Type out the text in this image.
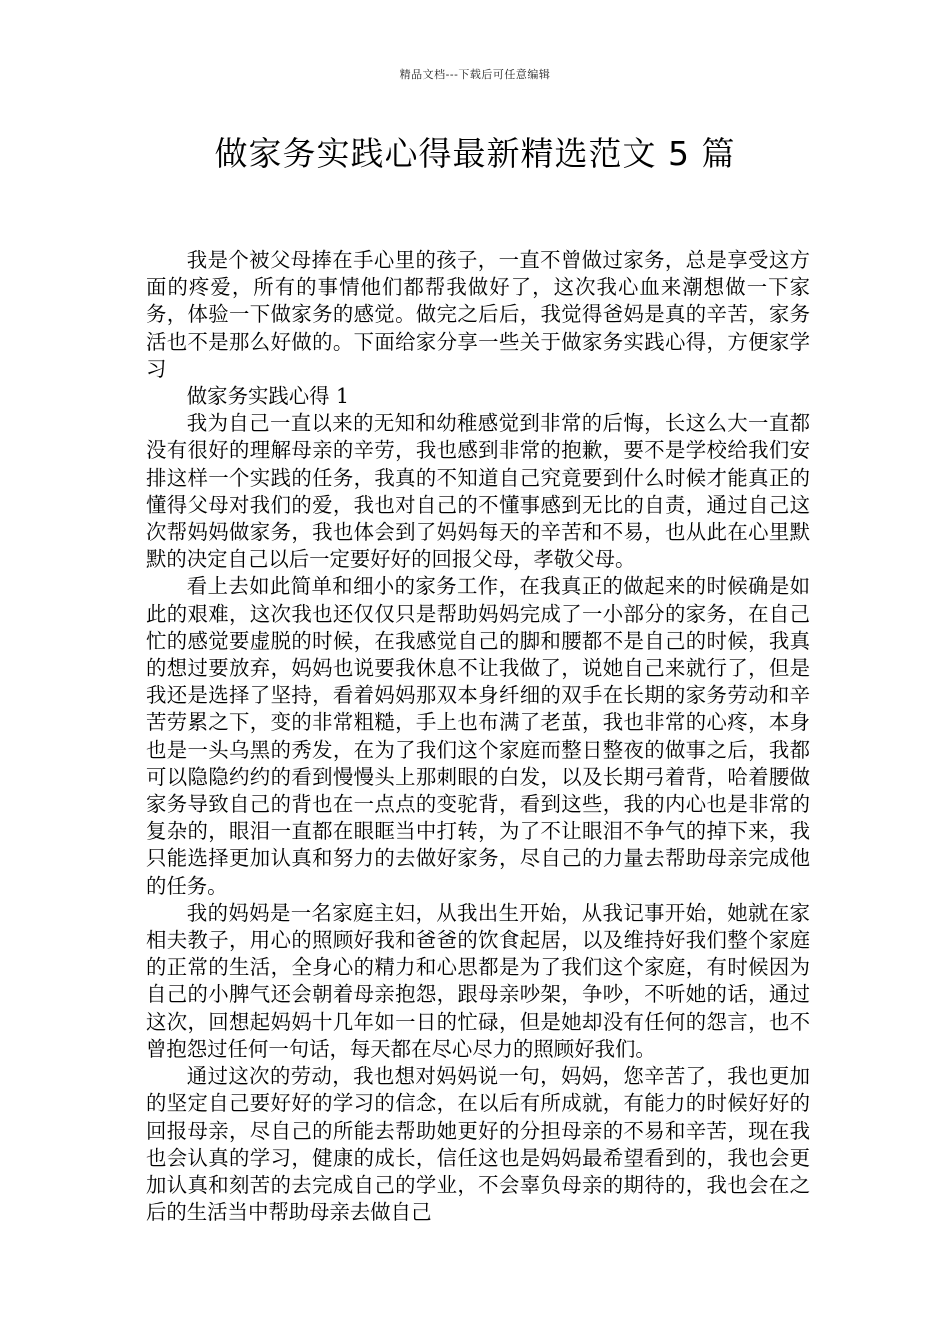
精品文档---下载后可任意编辑
做家务实践心得最新精选范文 5 篇

我是个被父母捧在手心里的孩子，一直不曾做过家务，总是享受这方面的疼爱，所有的事情他们都帮我做好了，这次我心血来潮想做一下家务，体验一下做家务的感觉。做完之后后，我觉得爸妈是真的辛苦，家务活也不是那么好做的。下面给家分享一些关于做家务实践心得，方便家学习

做家务实践心得 1

我为自己一直以来的无知和幼稚感觉到非常的后悔，长这么大一直都没有很好的理解母亲的辛劳，我也感到非常的抱歉，要不是学校给我们安排这样一个实践的任务，我真的不知道自己究竟要到什么时候才能真正的懂得父母对我们的爱，我也对自己的不懂事感到无比的自责，通过自己这次帮妈妈做家务，我也体会到了妈妈每天的辛苦和不易，也从此在心里默默的决定自己以后一定要好好的回报父母，孝敬父母。

看上去如此简单和细小的家务工作，在我真正的做起来的时候确是如此的艰难，这次我也还仅仅只是帮助妈妈完成了一小部分的家务，在自己忙的感觉要虚脱的时候，在我感觉自己的脚和腰都不是自己的时候，我真的想过要放弃，妈妈也说要我休息不让我做了，说她自己来就行了，但是我还是选择了坚持，看着妈妈那双本身纤细的双手在长期的家务劳动和辛苦劳累之下，变的非常粗糙，手上也布满了老茧，我也非常的心疼，本身也是一头乌黑的秀发，在为了我们这个家庭而整日整夜的做事之后，我都可以隐隐约约的看到慢慢头上那刺眼的白发，以及长期弓着背，哈着腰做家务导致自己的背也在一点点的变驼背，看到这些，我的内心也是非常的复杂的，眼泪一直都在眼眶当中打转，为了不让眼泪不争气的掉下来，我只能选择更加认真和努力的去做好家务，尽自己的力量去帮助母亲完成他的任务。

我的妈妈是一名家庭主妇，从我出生开始，从我记事开始，她就在家相夫教子，用心的照顾好我和爸爸的饮食起居，以及维持好我们整个家庭的正常的生活，全身心的精力和心思都是为了我们这个家庭，有时候因为自己的小脾气还会朝着母亲抱怨，跟母亲吵架，争吵，不听她的话，通过这次，回想起妈妈十几年如一日的忙碌，但是她却没有任何的怨言，也不曾抱怨过任何一句话，每天都在尽心尽力的照顾好我们。

通过这次的劳动，我也想对妈妈说一句，妈妈，您辛苦了，我也更加的坚定自己要好好的学习的信念，在以后有所成就，有能力的时候好好的回报母亲，尽自己的所能去帮助她更好的分担母亲的不易和辛苦，现在我也会认真的学习，健康的成长，信任这也是妈妈最希望看到的，我也会更加认真和刻苦的去完成自己的学业，不会辜负母亲的期待的，我也会在之后的生活当中帮助母亲去做自己
